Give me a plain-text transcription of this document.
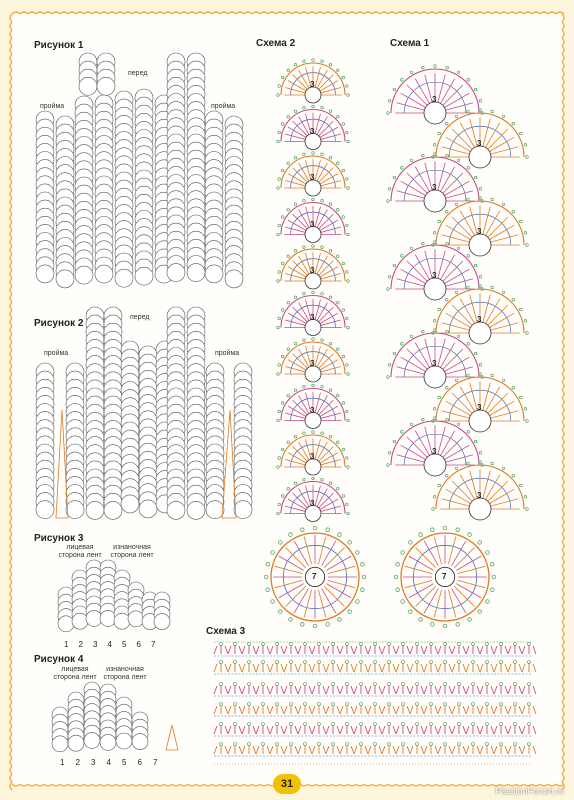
Рисунок 1
перед
пройма	пройма
Рисунок 2
перед
пройма	пройма
Рисунок 3
лицевая сторона лент
изнаночная сторона лент
1 2 3 4 5 6 7
Рисунок 4
лицевая сторона лент
изнаночная сторона лент
1 2 3 4 5 6 7
Схема 2	Схема 1
Схема 3
3
3
3
3
3
3
3
3
3
3
7
3
3
3
3
3
3
3
3
3
3
7
31
PassionForum.ru
